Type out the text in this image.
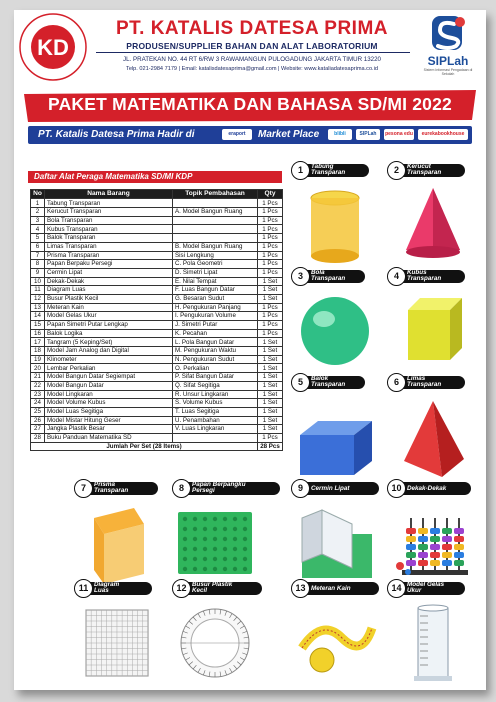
KD
PT. KATALIS DATESA PRIMA
PRODUSEN/SUPPLIER BAHAN DAN ALAT LABORATORIUM
JL. PRATEKAN NO. 44 RT 6/RW 3 RAWAMANGUN PULOGADUNG JAKARTA TIMUR 13220
Telp. 021-2984 7179 | Email: katalisdatesaprima@gmail.com | Website: www.kataliadatesaprima.co.id
SIPLah
Sistem Informasi Pengadaan di Sekolah
PAKET MATEMATIKA DAN BAHASA SD/MI 2022
PT. Katalis Datesa Prima Hadir di	eraport	Market Place	blibli	SIPLah	pesona edu	eurekabookhouse
Daftar Alat Peraga Matematika SD/MI KDP
No	Nama Barang	Topik Pembahasan	Qty
1	Tabung Transparan		1 Pcs
2	Kerucut Transparan	A. Model Bangun Ruang	1 Pcs
3	Bola Transparan		1 Pcs
4	Kubus Transparan		1 Pcs
5	Balok Transparan		1 Pcs
6	Limas Transparan	B. Model Bangun Ruang	1 Pcs
7	Prisma Transparan	Sisi Lengkung	1 Pcs
8	Papan Berpaku Persegi	C. Pola Geometri	1 Pcs
9	Cermin Lipat	D. Simetri Lipat	1 Pcs
10	Dekak-Dekak	E. Nilai Tempat	1 Set
11	Diagram Luas	F. Luas Bangun Datar	1 Set
12	Busur Plastik Kecil	G. Besaran Sudut	1 Set
13	Meteran Kain	H. Pengukuran Panjang	1 Pcs
14	Model Gelas Ukur	I. Pengukuran Volume	1 Pcs
15	Papan Simetri Putar Lengkap	J. Simetri Putar	1 Pcs
16	Balok Logika	K. Pecahan	1 Pcs
17	Tangram (5 Keping/Set)	L. Pola Bangun Datar	1 Set
18	Model Jam Analog dan Digital	M. Pengukuran Waktu	1 Set
19	Klinometer	N. Pengukuran Sudut	1 Set
20	Lembar Perkalian	O. Perkalian	1 Set
21	Model Bangun Datar Segiempat	P. Sifat Bangun Datar	1 Set
22	Model Bangun Datar	Q. Sifat Segitiga	1 Set
23	Model Lingkaran	R. Unsur Lingkaran	1 Set
24	Model Volume Kubus	S. Volume Kubus	1 Set
25	Model Luas Segitiga	T. Luas Segitiga	1 Set
26	Model Mistar Hitung Geser	U. Penambahan	1 Set
27	Jangka Plastik Besar	V. Luas Lingkaran	1 Set
28	Buku Panduan Matematika SD		1 Pcs
Jumlah Per Set (28 Items)			28 Pcs
Tabung
Transparan
1	Kerucut
Transparan
2
Bola
Transparan
3	Kubus
Transparan
4
Balok
Transparan
5	Limas
Transparan
6
Prisma
Transparan
7	Papan Berpangku
Persegi
8	Cermin Lipat
9	Dekak-Dekak
10
Diagram
Luas
11	Busur Plastik
Kecil
12	Meteran Kain
13	Model Gelas
Ukur
14
